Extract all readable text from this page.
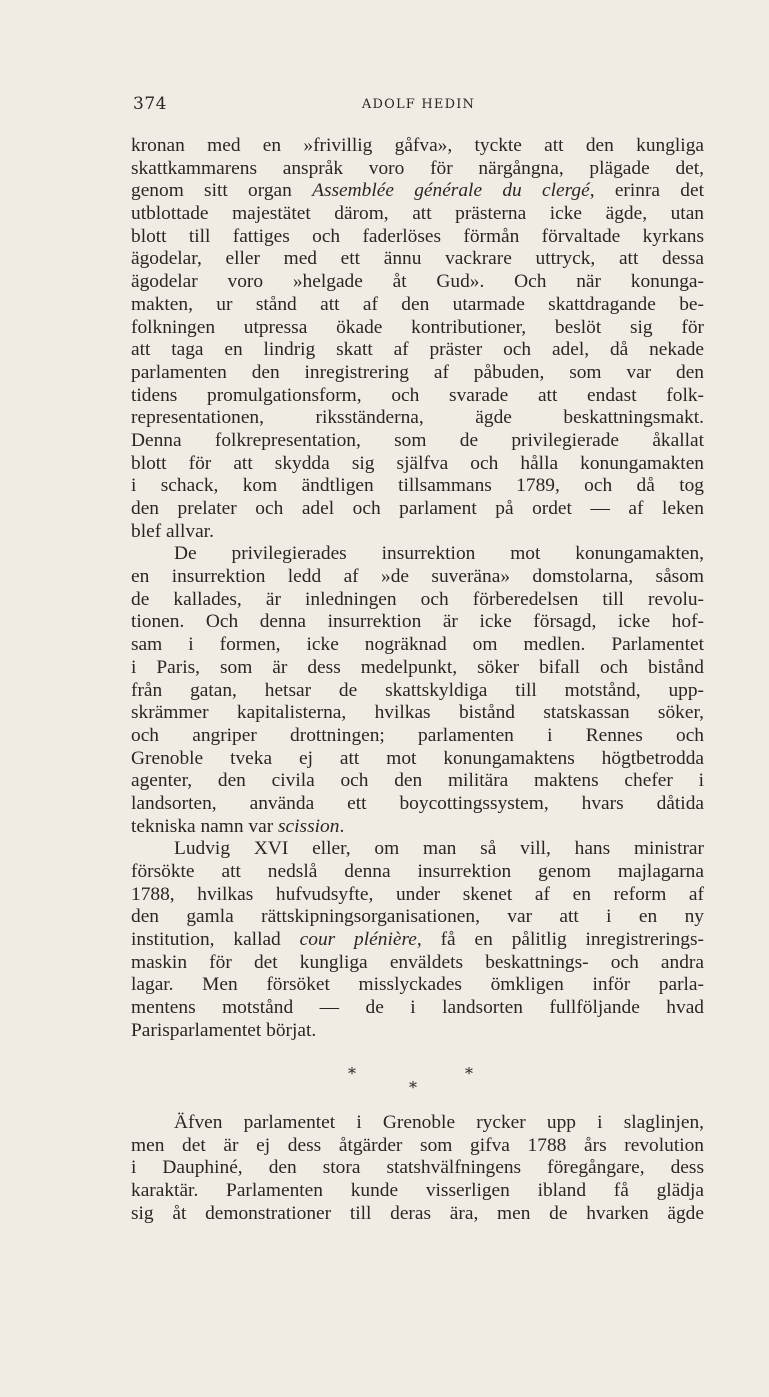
374	ADOLF HEDIN
kronan med en »frivillig gåfva», tyckte att den kungliga
skattkammarens anspråk voro för närgångna, plägade det,
genom sitt organ Assemblée générale du clergé, erinra det
utblottade majestätet därom, att prästerna icke ägde, utan
blott till fattiges och faderlöses förmån förvaltade kyrkans
ägodelar, eller med ett ännu vackrare uttryck, att dessa
ägodelar voro »helgade åt Gud». Och när konunga-
makten, ur stånd att af den utarmade skattdragande be-
folkningen utpressa ökade kontributioner, beslöt sig för
att taga en lindrig skatt af präster och adel, då nekade
parlamenten den inregistrering af påbuden, som var den
tidens promulgationsform, och svarade att endast folk-
representationen, riksständerna, ägde beskattningsmakt.
Denna folkrepresentation, som de privilegierade åkallat
blott för att skydda sig själfva och hålla konungamakten
i schack, kom ändtligen tillsammans 1789, och då tog
den prelater och adel och parlament på ordet — af leken
blef allvar.
De privilegierades insurrektion mot konungamakten,
en insurrektion ledd af »de suveräna» domstolarna, såsom
de kallades, är inledningen och förberedelsen till revolu-
tionen. Och denna insurrektion är icke försagd, icke hof-
sam i formen, icke nogräknad om medlen. Parlamentet
i Paris, som är dess medelpunkt, söker bifall och bistånd
från gatan, hetsar de skattskyldiga till motstånd, upp-
skrämmer kapitalisterna, hvilkas bistånd statskassan söker,
och angriper drottningen; parlamenten i Rennes och
Grenoble tveka ej att mot konungamaktens högtbetrodda
agenter, den civila och den militära maktens chefer i
landsorten, använda ett boycottingssystem, hvars dåtida
tekniska namn var scission.
Ludvig XVI eller, om man så vill, hans ministrar
försökte att nedslå denna insurrektion genom majlagarna
1788, hvilkas hufvudsyfte, under skenet af en reform af
den gamla rättskipningsorganisationen, var att i en ny
institution, kallad cour plénière, få en pålitlig inregistrerings-
maskin för det kungliga enväldets beskattnings- och andra
lagar. Men försöket misslyckades ömkligen inför parla-
mentens motstånd — de i landsorten fullföljande hvad
Parisparlamentet börjat.
*
*
*
Äfven parlamentet i Grenoble rycker upp i slaglinjen,
men det är ej dess åtgärder som gifva 1788 års revolution
i Dauphiné, den stora statshvälfningens föregångare, dess
karaktär. Parlamenten kunde visserligen ibland få glädja
sig åt demonstrationer till deras ära, men de hvarken ägde
